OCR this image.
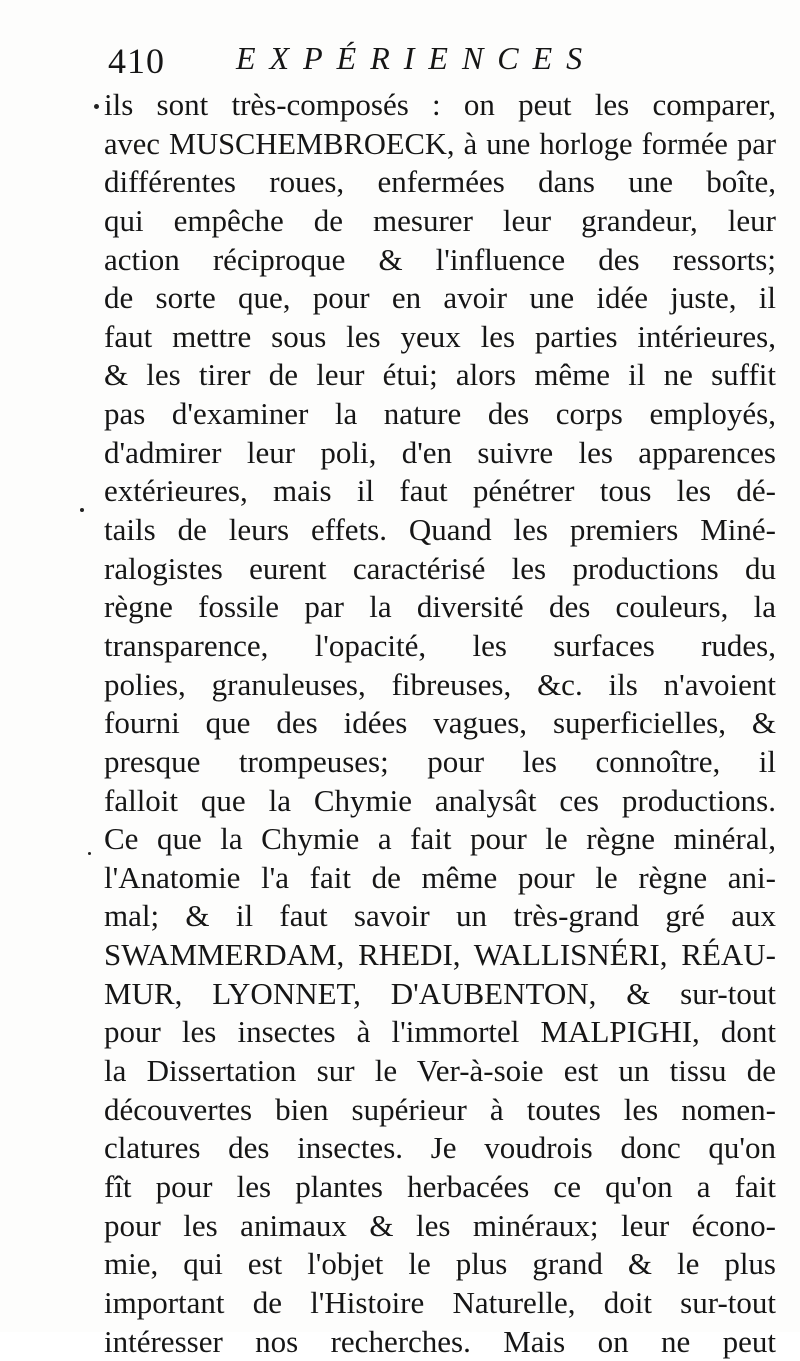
410 EXPÉRIENCES
ils sont très-composés : on peut les comparer,
avec MUSCHEMBROECK, à une horloge formée par
différentes roues, enfermées dans une boîte,
qui empêche de mesurer leur grandeur, leur
action réciproque & l'influence des ressorts;
de sorte que, pour en avoir une idée juste, il
faut mettre sous les yeux les parties intérieures,
& les tirer de leur étui; alors même il ne suffit
pas d'examiner la nature des corps employés,
d'admirer leur poli, d'en suivre les apparences
extérieures, mais il faut pénétrer tous les dé-
tails de leurs effets. Quand les premiers Miné-
ralogistes eurent caractérisé les productions du
règne fossile par la diversité des couleurs, la
transparence, l'opacité, les surfaces rudes,
polies, granuleuses, fibreuses, &c. ils n'avoient
fourni que des idées vagues, superficielles, &
presque trompeuses; pour les connoître, il
falloit que la Chymie analysât ces productions.
Ce que la Chymie a fait pour le règne minéral,
l'Anatomie l'a fait de même pour le règne ani-
mal; & il faut savoir un très-grand gré aux
SWAMMERDAM, RHEDI, WALLISNÉRI, RÉAU-
MUR, LYONNET, D'AUBENTON, & sur-tout
pour les insectes à l'immortel MALPIGHI, dont
la Dissertation sur le Ver-à-soie est un tissu de
découvertes bien supérieur à toutes les nomen-
clatures des insectes. Je voudrois donc qu'on
fît pour les plantes herbacées ce qu'on a fait
pour les animaux & les minéraux; leur écono-
mie, qui est l'objet le plus grand & le plus
important de l'Histoire Naturelle, doit sur-tout
intéresser nos recherches. Mais on ne peut
